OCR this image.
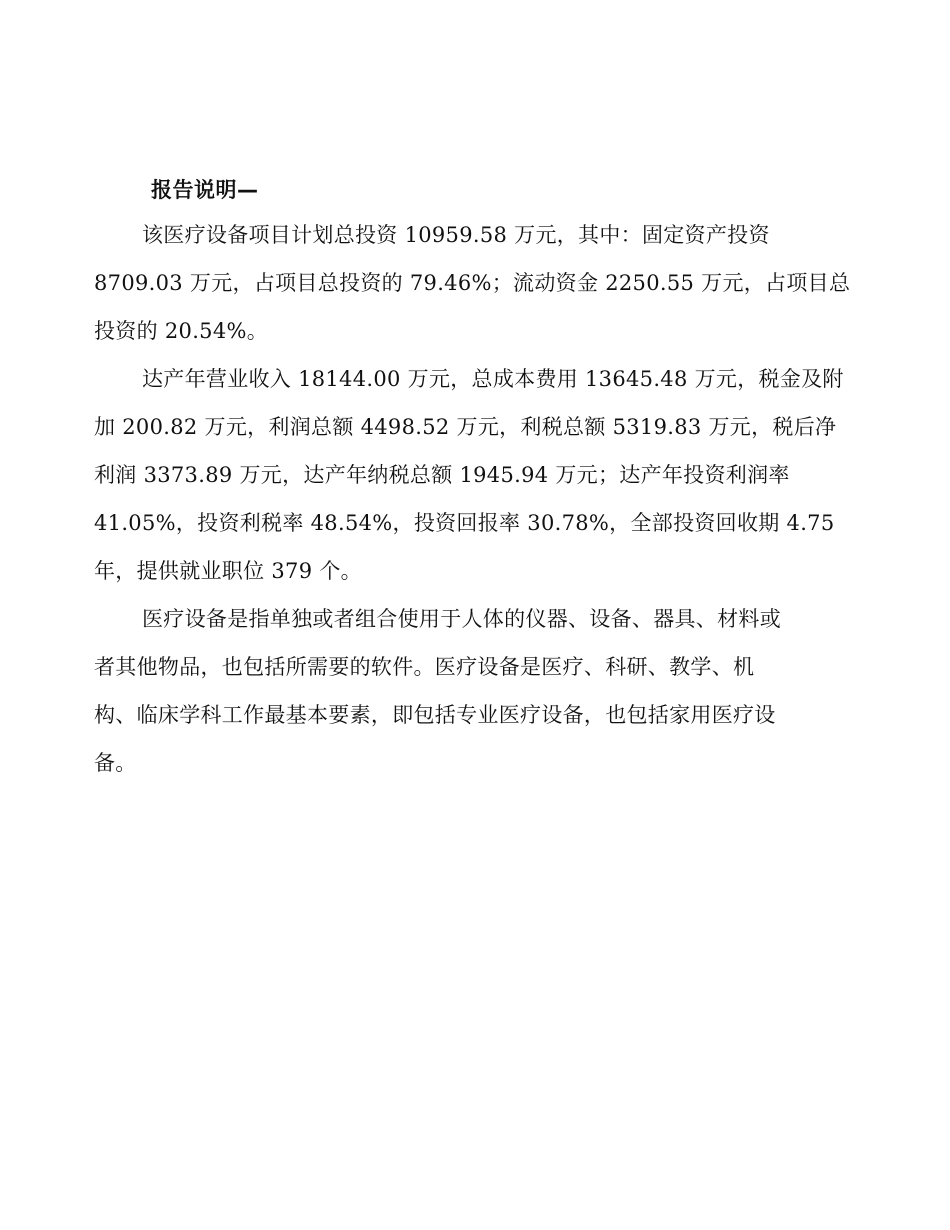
报告说明—
该医疗设备项目计划总投资 10959.58 万元，其中：固定资产投资
8709.03 万元，占项目总投资的 79.46%；流动资金 2250.55 万元，占项目总
投资的 20.54%。
达产年营业收入 18144.00 万元，总成本费用 13645.48 万元，税金及附
加 200.82 万元，利润总额 4498.52 万元，利税总额 5319.83 万元，税后净
利润 3373.89 万元，达产年纳税总额 1945.94 万元；达产年投资利润率
41.05%，投资利税率 48.54%，投资回报率 30.78%，全部投资回收期 4.75
年，提供就业职位 379 个。
医疗设备是指单独或者组合使用于人体的仪器、设备、器具、材料或
者其他物品，也包括所需要的软件。医疗设备是医疗、科研、教学、机
构、临床学科工作最基本要素，即包括专业医疗设备，也包括家用医疗设
备。
